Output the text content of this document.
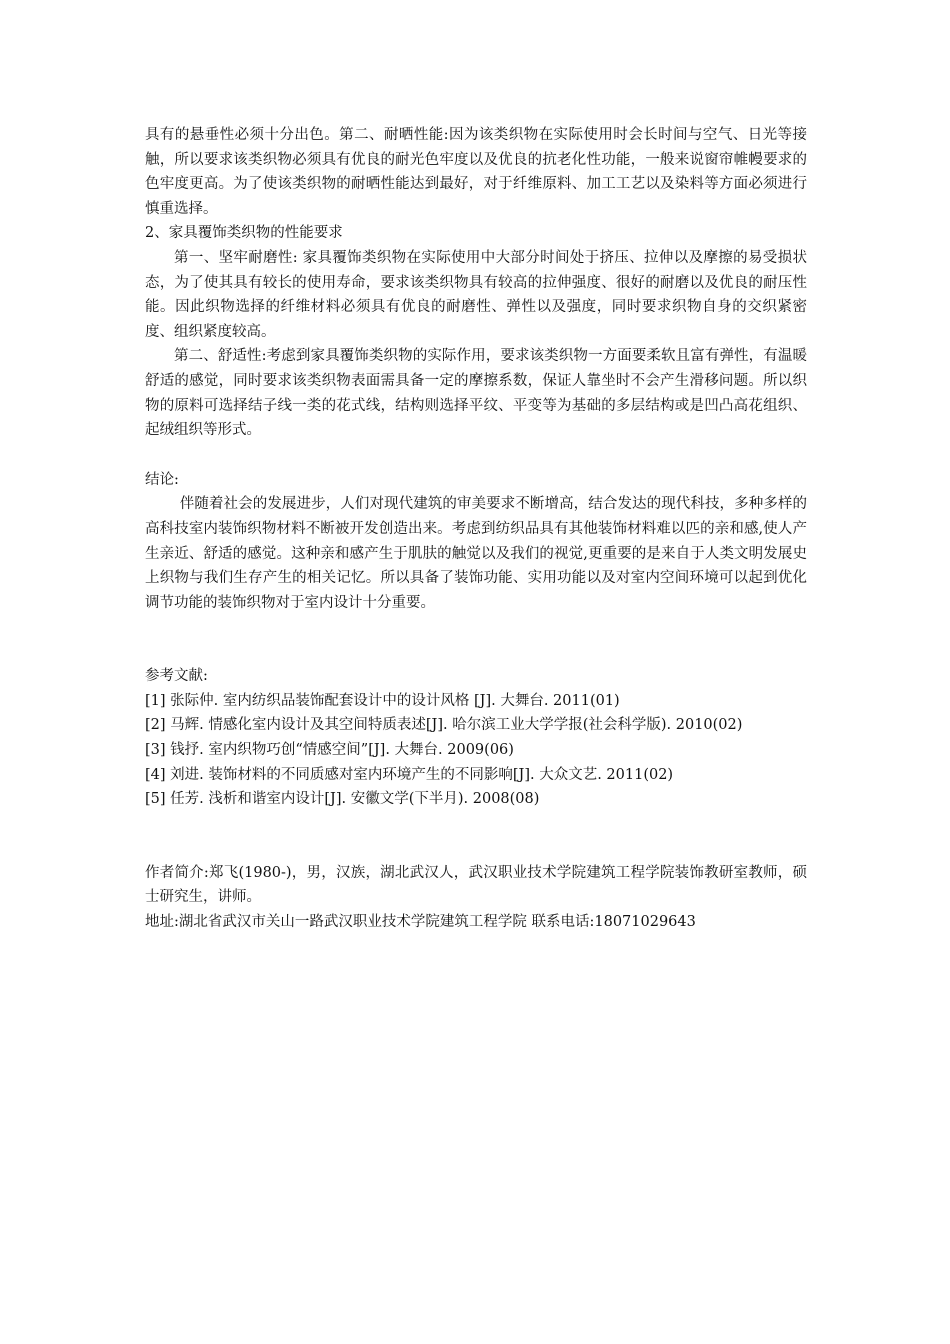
具有的悬垂性必须十分出色。第二、耐晒性能:因为该类织物在实际使用时会长时间与空气、日光等接触，所以要求该类织物必须具有优良的耐光色牢度以及优良的抗老化性功能，一般来说窗帘帷幔要求的色牢度更高。为了使该类织物的耐晒性能达到最好，对于纤维原料、加工工艺以及染料等方面必须进行慎重选择。

2、家具覆饰类织物的性能要求

第一、坚牢耐磨性: 家具覆饰类织物在实际使用中大部分时间处于挤压、拉伸以及摩擦的易受损状态，为了使其具有较长的使用寿命，要求该类织物具有较高的拉伸强度、很好的耐磨以及优良的耐压性能。因此织物选择的纤维材料必须具有优良的耐磨性、弹性以及强度，同时要求织物自身的交织紧密度、组织紧度较高。

第二、舒适性:考虑到家具覆饰类织物的实际作用，要求该类织物一方面要柔软且富有弹性，有温暖舒适的感觉，同时要求该类织物表面需具备一定的摩擦系数，保证人靠坐时不会产生滑移问题。所以织物的原料可选择结子线一类的花式线，结构则选择平纹、平变等为基础的多层结构或是凹凸高花组织、起绒组织等形式。

结论:

伴随着社会的发展进步，人们对现代建筑的审美要求不断增高，结合发达的现代科技，多种多样的高科技室内装饰织物材料不断被开发创造出来。考虑到纺织品具有其他装饰材料难以匹的亲和感,使人产生亲近、舒适的感觉。这种亲和感产生于肌肤的触觉以及我们的视觉,更重要的是来自于人类文明发展史上织物与我们生存产生的相关记忆。所以具备了装饰功能、实用功能以及对室内空间环境可以起到优化调节功能的装饰织物对于室内设计十分重要。

参考文献:

[1] 张际仲. 室内纺织品装饰配套设计中的设计风格 [J]. 大舞台. 2011(01)

[2] 马辉. 情感化室内设计及其空间特质表述[J]. 哈尔滨工业大学学报(社会科学版). 2010(02)

[3] 钱抒. 室内织物巧创“情感空间”[J]. 大舞台. 2009(06)

[4] 刘进. 装饰材料的不同质感对室内环境产生的不同影响[J]. 大众文艺. 2011(02)

[5] 任芳. 浅析和谐室内设计[J]. 安徽文学(下半月). 2008(08)

作者简介:郑飞(1980-)，男，汉族，湖北武汉人，武汉职业技术学院建筑工程学院装饰教研室教师，硕士研究生，讲师。

地址:湖北省武汉市关山一路武汉职业技术学院建筑工程学院 联系电话:18071029643
